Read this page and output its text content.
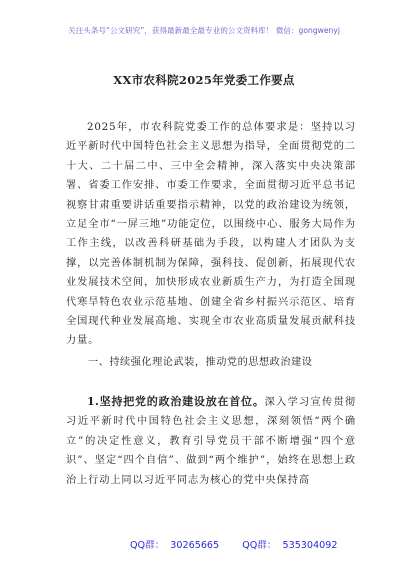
关注头条号“公文研究”，获得最新最全最专业的公文资料库！ 微信：gongwenyj
XX市农科院2025年党委工作要点
2025年，市农科院党委工作的总体要求是：坚持以习近平新时代中国特色社会主义思想为指导，全面贯彻党的二十大、二十届二中、三中全会精神，深入落实中央决策部署、省委工作安排、市委工作要求，全面贯彻习近平总书记视察甘肃重要讲话重要指示精神，以党的政治建设为统领，立足全市“一屏三地”功能定位，以围绕中心、服务大局作为工作主线，以改善科研基础为手段，以构建人才团队为支撑，以完善体制机制为保障，强科技、促创新，拓展现代农业发展技术空间，加快形成农业新质生产力，为打造全国现代寒旱特色农业示范基地、创建全省乡村振兴示范区、培育全国现代种业发展高地、实现全市农业高质量发展贡献科技力量。
一、持续强化理论武装，推动党的思想政治建设
1.坚持把党的政治建设放在首位。深入学习宣传贯彻习近平新时代中国特色社会主义思想，深刻领悟“两个确立”的决定性意义，教育引导党员干部不断增强“四个意识”、坚定“四个自信”、做到“两个维护”，始终在思想上政治上行动上同以习近平同志为核心的党中央保持高
QQ群： 30265665 QQ群： 535304092
